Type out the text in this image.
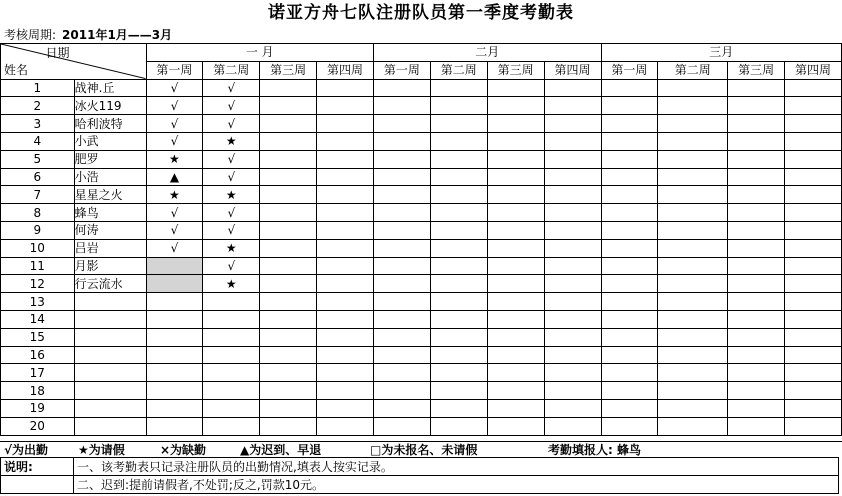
诺亚方舟七队注册队员第一季度考勤表
考核周期: 2011年1月——3月
日期
姓名		一 月				二月				三月			
		第一周	第二周	第三周	第四周	第一周	第二周	第三周	第四周	第一周	第二周	第三周	第四周
1	战神.丘	√	√										
2	冰火119	√	√										
3	哈利波特	√	√										
4	小武	√	★										
5	肥罗	★	√										
6	小浩	▲	√										
7	星星之火	★	★										
8	蜂鸟	√	√										
9	何涛	√	√										
10	吕岩	√	★										
11	月影		√										
12	行云流水		★										
13													
14													
15													
16													
17													
18													
19													
20													
√为出勤 ★为请假	×为缺勤	▲为迟到、早退	□为未报名、未请假	考勤填报人: 蜂鸟
说明:	一、该考勤表只记录注册队员的出勤情况,填表人按实记录。
	二、迟到:提前请假者,不处罚;反之,罚款10元。
